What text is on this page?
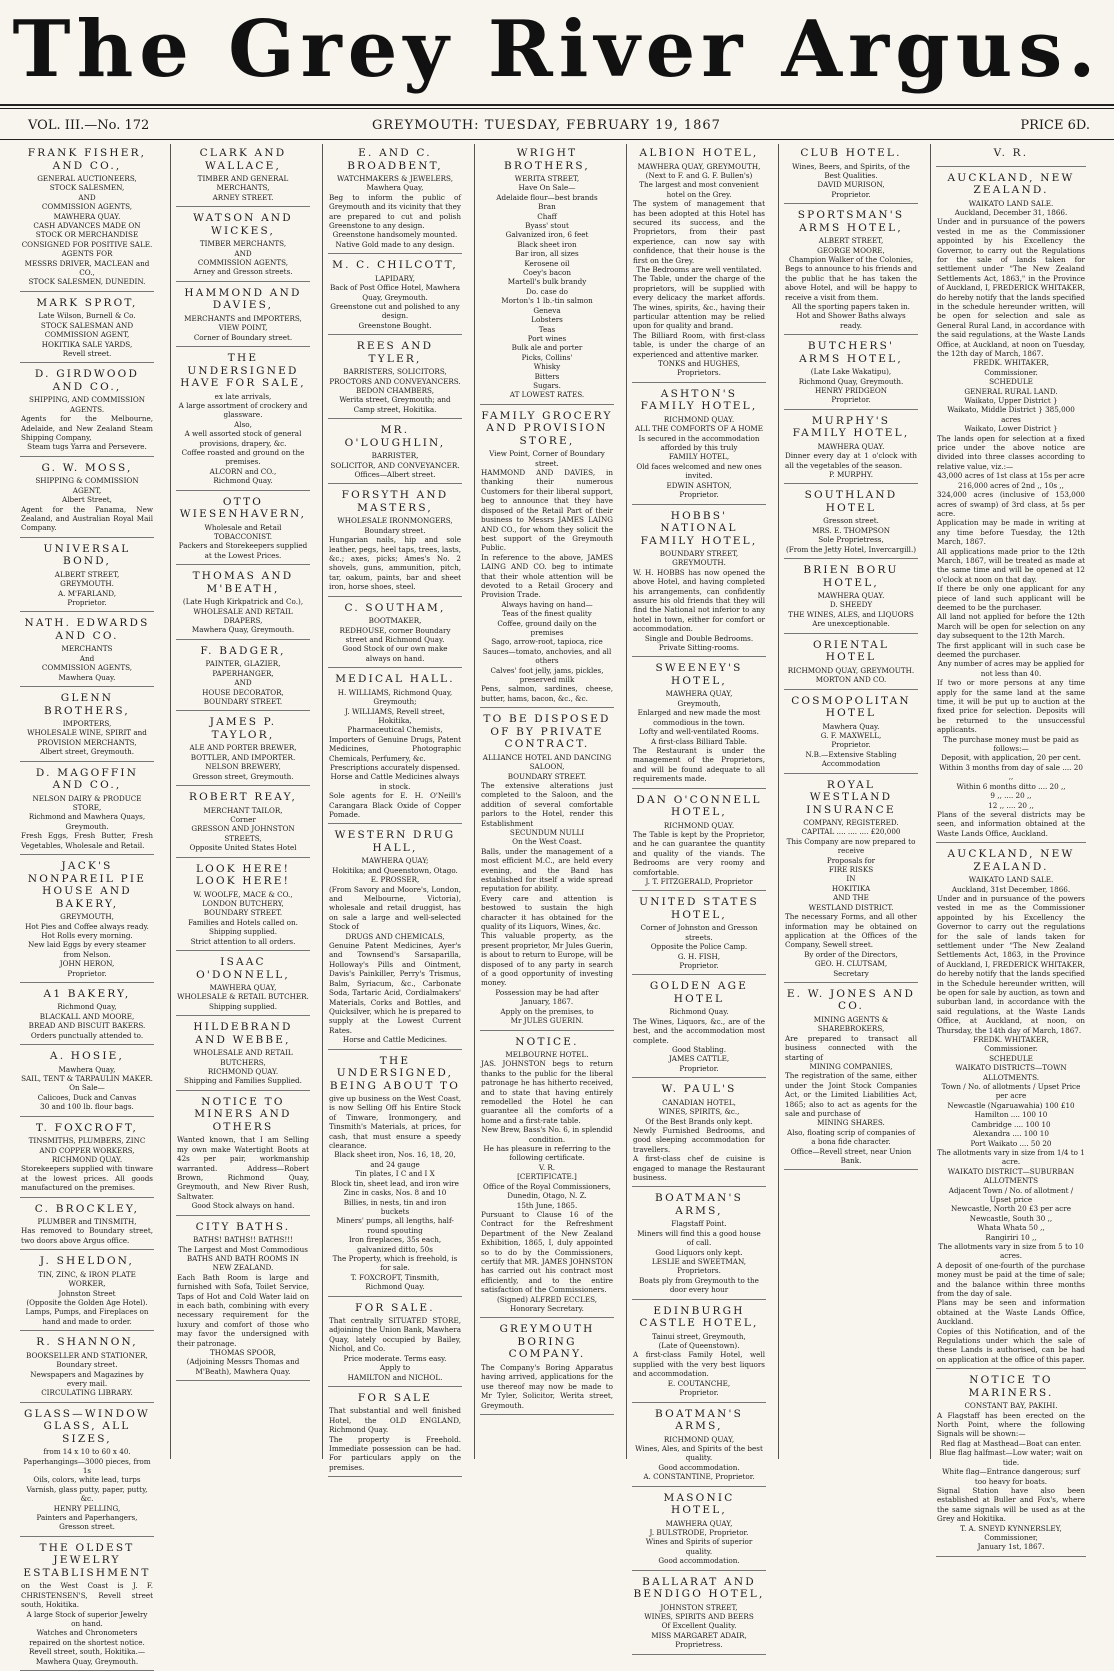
The Grey River Argus.
VOL. III.—No. 172	GREYMOUTH: TUESDAY, FEBRUARY 19, 1867	PRICE 6D.
FRANK FISHER, AND CO.,
GENERAL AUCTIONEERS,
STOCK SALESMEN,
AND
COMMISSION AGENTS,
MAWHERA QUAY.
CASH ADVANCES MADE ON
STOCK OR MERCHANDISE
CONSIGNED FOR POSITIVE SALE.
AGENTS FOR
MESSRS DRIVER, MACLEAN and CO.,
STOCK SALESMEN, DUNEDIN.
MARK SPROT,
Late Wilson, Burnell & Co.
STOCK SALESMAN AND COMMISSION AGENT,
HOKITIKA SALE YARDS,
Revell street.
D. GIRDWOOD AND CO.,
SHIPPING, AND COMMISSION AGENTS.
Agents for the Melbourne, Adelaide, and New Zealand Steam Shipping Company,
Steam tugs Yarra and Persevere.
G. W. MOSS,
SHIPPING & COMMISSION AGENT,
Albert Street,
Agent for the Panama, New Zealand, and Australian Royal Mail Company.
UNIVERSAL BOND,
ALBERT STREET,
GREYMOUTH.
A. M'FARLAND,
Proprietor.
NATH. EDWARDS AND CO.
MERCHANTS
And
COMMISSION AGENTS,
Mawhera Quay.
GLENN BROTHERS,
IMPORTERS,
WHOLESALE WINE, SPIRIT and PROVISION MERCHANTS,
Albert street, Greymouth.
D. MAGOFFIN AND CO.,
NELSON DAIRY & PRODUCE STORE,
Richmond and Mawhera Quays, Greymouth.
Fresh Eggs, Fresh Butter, Fresh Vegetables, Wholesale and Retail.
JACK'S NONPAREIL PIE HOUSE AND BAKERY,
GREYMOUTH,
Hot Pies and Coffee always ready.
Hot Rolls every morning.
New laid Eggs by every steamer from Nelson.
JOHN HERON,
Proprietor.
A1 BAKERY,
Richmond Quay,
BLACKALL AND MOORE,
BREAD AND BISCUIT BAKERS.
Orders punctually attended to.
A. HOSIE,
Mawhera Quay,
SAIL, TENT & TARPAULIN MAKER.
On Sale—
Calicoes, Duck and Canvas
30 and 100 lb. flour bags.
T. FOXCROFT,
TINSMITHS, PLUMBERS, ZINC AND COPPER WORKERS,
RICHMOND QUAY.
Storekeepers supplied with tinware at the lowest prices. All goods manufactured on the premises.
C. BROCKLEY,
PLUMBER and TINSMITH,
Has removed to Boundary street, two doors above Argus office.
J. SHELDON,
TIN, ZINC, & IRON PLATE WORKER,
Johnston Street
(Opposite the Golden Age Hotel).
Lamps, Pumps, and Fireplaces on hand and made to order.
R. SHANNON,
BOOKSELLER AND STATIONER,
Boundary street.
Newspapers and Magazines by every mail.
CIRCULATING LIBRARY.
GLASS—WINDOW GLASS, ALL SIZES,
from 14 x 10 to 60 x 40.
Paperhangings—3000 pieces, from 1s
Oils, colors, white lead, turps
Varnish, glass putty, paper, putty, &c.
HENRY PELLING,
Painters and Paperhangers, Gresson street.
THE OLDEST JEWELRY ESTABLISHMENT
on the West Coast is J. F. CHRISTENSEN'S, Revell street south, Hokitika.
A large Stock of superior Jewelry on hand.
Watches and Chronometers repaired on the shortest notice.
Revell street, south, Hokitika.—Mawhera Quay, Greymouth.
CLARK AND WALLACE,
TIMBER AND GENERAL
MERCHANTS,
ARNEY STREET.
WATSON AND WICKES,
TIMBER MERCHANTS,
AND
COMMISSION AGENTS,
Arney and Gresson streets.
HAMMOND AND DAVIES,
MERCHANTS and IMPORTERS,
VIEW POINT,
Corner of Boundary street.
THE UNDERSIGNED HAVE FOR SALE,
ex late arrivals,
A large assortment of crockery and glassware.
Also,
A well assorted stock of general provisions, drapery, &c.
Coffee roasted and ground on the premises.
ALCORN and CO.,
Richmond Quay.
OTTO WIESENHAVERN,
Wholesale and Retail
TOBACCONIST.
Packers and Storekeepers supplied at the Lowest Prices.
THOMAS AND M'BEATH,
(Late Hugh Kirkpatrick and Co.),
WHOLESALE AND RETAIL DRAPERS,
Mawhera Quay, Greymouth.
F. BADGER,
PAINTER, GLAZIER,
PAPERHANGER,
AND
HOUSE DECORATOR,
BOUNDARY STREET.
JAMES P. TAYLOR,
ALE AND PORTER BREWER,
BOTTLER, AND IMPORTER.
NELSON BREWERY,
Gresson street, Greymouth.
ROBERT REAY,
MERCHANT TAILOR,
Corner
GRESSON AND JOHNSTON STREETS,
Opposite United States Hotel
LOOK HERE! LOOK HERE!
W. WOOLFE, MACE & CO.,
LONDON BUTCHERY,
BOUNDARY STREET.
Families and Hotels called on.
Shipping supplied.
Strict attention to all orders.
ISAAC O'DONNELL,
MAWHERA QUAY,
WHOLESALE & RETAIL BUTCHER.
Shipping supplied.
HILDEBRAND AND WEBBE,
WHOLESALE AND RETAIL
BUTCHERS,
RICHMOND QUAY.
Shipping and Families Supplied.
NOTICE TO MINERS AND OTHERS
Wanted known, that I am Selling my own make Watertight Boots at 42s per pair, workmanship warranted. Address—Robert Brown, Richmond Quay, Greymouth, and New River Rush, Saltwater.
Good Stock always on hand.
CITY BATHS.
BATHS! BATHS!! BATHS!!!
The Largest and Most Commodious
BATHS AND BATH ROOMS IN NEW ZEALAND.
Each Bath Room is large and furnished with Sofa, Toilet Service, Taps of Hot and Cold Water laid on in each bath, combining with every necessary requirement for the luxury and comfort of those who may favor the undersigned with their patronage.
THOMAS SPOOR,
(Adjoining Messrs Thomas and M'Beath), Mawhera Quay.
E. AND C. BROADBENT,
WATCHMAKERS & JEWELERS,
Mawhera Quay,
Beg to inform the public of Greymouth and its vicinity that they are prepared to cut and polish Greenstone to any design.
Greenstone handsomely mounted.
Native Gold made to any design.
M. C. CHILCOTT,
LAPIDARY,
Back of Post Office Hotel, Mawhera Quay, Greymouth.
Greenstone cut and polished to any design.
Greenstone Bought.
REES AND TYLER,
BARRISTERS, SOLICITORS, PROCTORS AND CONVEYANCERS.
BEDON CHAMBERS,
Werita street, Greymouth; and Camp street, Hokitika.
MR. O'LOUGHLIN,
BARRISTER,
SOLICITOR, AND CONVEYANCER.
Offices—Albert street.
FORSYTH AND MASTERS,
WHOLESALE IRONMONGERS,
Boundary street.
Hungarian nails, hip and sole leather, pegs, heel taps, trees, lasts, &c.; axes, picks; Ames's No. 2 shovels, guns, ammunition, pitch, tar, oakum, paints, bar and sheet iron, horse shoes, steel.
C. SOUTHAM,
BOOTMAKER,
REDHOUSE, corner Boundary street and Richmond Quay.
Good Stock of our own make always on hand.
MEDICAL HALL.
H. WILLIAMS, Richmond Quay, Greymouth;
J. WILLIAMS, Revell street, Hokitika,
Pharmaceutical Chemists,
Importers of Genuine Drugs, Patent Medicines, Photographic Chemicals, Perfumery, &c.
Prescriptions accurately dispensed.
Horse and Cattle Medicines always in stock.
Sole agents for E. H. O'Neill's Carangara Black Oxide of Copper Pomade.
WESTERN DRUG HALL,
MAWHERA QUAY;
Hokitika; and Queenstown, Otago.
E. PROSSER,
(From Savory and Moore's, London, and Melbourne, Victoria), wholesale and retail druggist, has on sale a large and well-selected Stock of
DRUGS AND CHEMICALS,
Genuine Patent Medicines, Ayer's and Townsend's Sarsaparilla, Holloway's Pills and Ointment, Davis's Painkiller, Perry's Trismus, Balm, Syriacum, &c., Carbonate Soda, Tartaric Acid, Cordialmakers' Materials, Corks and Bottles, and Quicksilver, which he is prepared to supply at the Lowest Current Rates.
Horse and Cattle Medicines.
THE UNDERSIGNED, BEING ABOUT TO
give up business on the West Coast, is now Selling Off his Entire Stock of Tinware, Ironmongery, and Tinsmith's Materials, at prices, for cash, that must ensure a speedy clearance.
Black sheet iron, Nos. 16, 18, 20, and 24 gauge
Tin plates, I C and I X
Block tin, sheet lead, and iron wire
Zinc in casks, Nos. 8 and 10
Billies, in nests, tin and iron buckets
Miners' pumps, all lengths, half-round spouting
Iron fireplaces, 35s each, galvanized ditto, 50s
The Property, which is freehold, is for sale.
T. FOXCROFT, Tinsmith,
Richmond Quay.
FOR SALE.
That centrally SITUATED STORE, adjoining the Union Bank, Mawhera Quay, lately occupied by Bailey, Nichol, and Co.
Price moderate. Terms easy.
Apply to
HAMILTON and NICHOL.
FOR SALE
That substantial and well finished Hotel, the OLD ENGLAND, Richmond Quay.
The property is Freehold. Immediate possession can be had. For particulars apply on the premises.
WRIGHT BROTHERS,
WERITA STREET,
Have On Sale—
Adelaide flour—best brands
Bran
Chaff
Byass' stout
Galvanized iron, 6 feet
Black sheet iron
Bar iron, all sizes
Kerosene oil
Coey's bacon
Martell's bulk brandy
Do. case do
Morton's 1 lb.-tin salmon
Geneva
Lobsters
Teas
Port wines
Bulk ale and porter
Picks, Collins'
Whisky
Bitters
Sugars.
AT LOWEST RATES.
FAMILY GROCERY AND PROVISION STORE,
View Point, Corner of Boundary street.
HAMMOND AND DAVIES, in thanking their numerous Customers for their liberal support, beg to announce that they have disposed of the Retail Part of their business to Messrs JAMES LAING AND CO., for whom they solicit the best support of the Greymouth Public.
In reference to the above, JAMES LAING AND CO. beg to intimate that their whole attention will be devoted to a Retail Grocery and Provision Trade.
Always having on hand—
Teas of the finest quality
Coffee, ground daily on the premises
Sago, arrow-root, tapioca, rice
Sauces—tomato, anchovies, and all others
Calves' foot jelly, jams, pickles, preserved milk
Pens, salmon, sardines, cheese, butter, hams, bacon, &c., &c.
TO BE DISPOSED OF BY PRIVATE CONTRACT.
ALLIANCE HOTEL AND DANCING SALOON,
BOUNDARY STREET.
The extensive alterations just completed to the Saloon, and the addition of several comfortable parlors to the Hotel, render this Establishment
SECUNDUM NULLI
On the West Coast.
Balls, under the management of a most efficient M.C., are held every evening, and the Band has established for itself a wide spread reputation for ability.
Every care and attention is bestowed to sustain the high character it has obtained for the quality of its Liquors, Wines, &c.
This valuable property, as the present proprietor, Mr Jules Guerin, is about to return to Europe, will be disposed of to any party in search of a good opportunity of investing money.
Possession may be had after January, 1867.
Apply on the premises, to
Mr JULES GUERIN.
NOTICE.
MELBOURNE HOTEL.
JAS. JOHNSTON begs to return thanks to the public for the liberal patronage he has hitherto received, and to state that having entirely remodelled the Hotel he can guarantee all the comforts of a home and a first-rate table.
New Brew, Bass's No. 6, in splendid condition.
He has pleasure in referring to the following certificate.
V. R.
[CERTIFICATE.]
Office of the Royal Commissioners, Dunedin, Otago, N. Z.
15th June, 1865.
Pursuant to Clause 16 of the Contract for the Refreshment Department of the New Zealand Exhibition, 1865, I, duly appointed so to do by the Commissioners, certify that MR. JAMES JOHNSTON has carried out his contract most efficiently, and to the entire satisfaction of the Commissioners.
(Signed) ALFRED ECCLES,
Honorary Secretary.
GREYMOUTH BORING COMPANY.
The Company's Boring Apparatus having arrived, applications for the use thereof may now be made to Mr Tyler, Solicitor, Werita street, Greymouth.
ALBION HOTEL,
MAWHERA QUAY, GREYMOUTH,
(Next to F. and G. F. Bullen's)
The largest and most convenient hotel on the Grey.
The system of management that has been adopted at this Hotel has secured its success, and the Proprietors, from their past experience, can now say with confidence, that their house is the first on the Grey.
The Bedrooms are well ventilated.
The Table, under the charge of the proprietors, will be supplied with every delicacy the market affords. The wines, spirits, &c., having their particular attention may be relied upon for quality and brand.
The Billiard Room, with first-class table, is under the charge of an experienced and attentive marker.
TONKS and HUGHES,
Proprietors.
ASHTON'S FAMILY HOTEL,
RICHMOND QUAY.
ALL THE COMFORTS OF A HOME
Is secured in the accommodation afforded by this truly
FAMILY HOTEL,
Old faces welcomed and new ones invited.
EDWIN ASHTON,
Proprietor.
HOBBS' NATIONAL FAMILY HOTEL,
BOUNDARY STREET, GREYMOUTH.
W. H. HOBBS has now opened the above Hotel, and having completed his arrangements, can confidently assure his old friends that they will find the National not inferior to any hotel in town, either for comfort or accommodation.
Single and Double Bedrooms.
Private Sitting-rooms.
SWEENEY'S HOTEL,
MAWHERA QUAY,
Greymouth,
Enlarged and new made the most commodious in the town.
Lofty and well-ventilated Rooms.
A first-class Billiard Table.
The Restaurant is under the management of the Proprietors, and will be found adequate to all requirements made.
DAN O'CONNELL HOTEL,
RICHMOND QUAY.
The Table is kept by the Proprietor, and he can guarantee the quantity and quality of the viands. The Bedrooms are very roomy and comfortable.
J. T. FITZGERALD, Proprietor
UNITED STATES HOTEL,
Corner of Johnston and Gresson streets.
Opposite the Police Camp.
G. H. FISH,
Proprietor.
GOLDEN AGE HOTEL
Richmond Quay.
The Wines, Liquors, &c., are of the best, and the accommodation most complete.
Good Stabling.
JAMES CATTLE,
Proprietor.
W. PAUL'S
CANADIAN HOTEL,
WINES, SPIRITS, &c.,
Of the Best Brands only kept.
Newly Furnished Bedrooms, and good sleeping accommodation for travellers.
A first-class chef de cuisine is engaged to manage the Restaurant business.
BOATMAN'S ARMS,
Flagstaff Point.
Miners will find this a good house of call.
Good Liquors only kept.
LESLIE and SWEETMAN,
Proprietors.
Boats ply from Greymouth to the door every hour
EDINBURGH CASTLE HOTEL,
Tainui street, Greymouth,
(Late of Queenstown).
A first-class Family Hotel, well supplied with the very best liquors and accommodation.
E. COUTANCHE,
Proprietor.
BOATMAN'S ARMS,
RICHMOND QUAY,
Wines, Ales, and Spirits of the best quality.
Good accommodation.
A. CONSTANTINE, Proprietor.
MASONIC HOTEL,
MAWHERA QUAY,
J. BULSTRODE, Proprietor.
Wines and Spirits of superior quality.
Good accommodation.
BALLARAT AND BENDIGO HOTEL,
JOHNSTON STREET,
WINES, SPIRITS AND BEERS
Of Excellent Quality.
MISS MARGARET ADAIR,
Proprietress.
CLUB HOTEL.
Wines, Beers, and Spirits, of the Best Qualities.
DAVID MURISON,
Proprietor.
SPORTSMAN'S ARMS HOTEL,
ALBERT STREET,
GEORGE MOORE,
Champion Walker of the Colonies,
Begs to announce to his friends and the public that he has taken the above Hotel, and will be happy to receive a visit from them.
All the sporting papers taken in.
Hot and Shower Baths always ready.
BUTCHERS' ARMS HOTEL,
(Late Lake Wakatipu),
Richmond Quay, Greymouth.
HENRY PRIDGEON
Proprietor.
MURPHY'S FAMILY HOTEL,
MAWHERA QUAY.
Dinner every day at 1 o'clock with all the vegetables of the season.
P. MURPHY.
SOUTHLAND HOTEL
Gresson street.
MRS. E. THOMPSON
Sole Proprietress,
(From the Jetty Hotel, Invercargill.)
BRIEN BORU HOTEL,
MAWHERA QUAY.
D. SHEEDY
THE WINES, ALES, and LIQUORS
Are unexceptionable.
ORIENTAL HOTEL
RICHMOND QUAY, GREYMOUTH.
MORTON AND CO.
COSMOPOLITAN HOTEL
Mawhera Quay.
G. F. MAXWELL,
Proprietor.
N.B.—Extensive Stabling Accommodation
ROYAL WESTLAND INSURANCE
COMPANY, REGISTERED.
CAPITAL .... .... .... £20,000
This Company are now prepared to receive
Proposals for
FIRE RISKS
IN
HOKITIKA
AND THE
WESTLAND DISTRICT.
The necessary Forms, and all other information may be obtained on application at the Offices of the Company, Sewell street.
By order of the Directors,
GEO. H. CLUTSAM,
Secretary
E. W. JONES AND CO.
MINING AGENTS & SHAREBROKERS,
Are prepared to transact all business connected with the starting of
MINING COMPANIES,
The registration of the same, either under the Joint Stock Companies Act, or the Limited Liabilities Act, 1865; also to act as agents for the sale and purchase of
MINING SHARES.
Also, floating scrip of companies of a bona fide character.
Office—Revell street, near Union Bank.
V. R.
AUCKLAND, NEW ZEALAND.
WAIKATO LAND SALE.
Auckland, December 31, 1866.
Under and in pursuance of the powers vested in me as the Commissioner appointed by his Excellency the Governor, to carry out the Regulations for the sale of lands taken for settlement under "The New Zealand Settlements Act, 1863," in the Province of Auckland, I, FREDERICK WHITAKER, do hereby notify that the lands specified in the schedule hereunder written, will be open for selection and sale as General Rural Land, in accordance with the said regulations, at the Waste Lands Office, at Auckland, at noon on Tuesday, the 12th day of March, 1867.
FREDK. WHITAKER,
Commissioner.
SCHEDULE
GENERAL RURAL LAND.
Waikato, Upper District }
Waikato, Middle District } 385,000 acres
Waikato, Lower District }
The lands open for selection at a fixed price under the above notice are divided into three classes according to relative value, viz.:—
43,000 acres of 1st class at 15s per acre
216,000 acres of 2nd ,, 10s ,,
324,000 acres (inclusive of 153,000 acres of swamp) of 3rd class, at 5s per acre.
Application may be made in writing at any time before Tuesday, the 12th March, 1867.
All applications made prior to the 12th March, 1867, will be treated as made at the same time and will be opened at 12 o'clock at noon on that day.
If there be only one applicant for any piece of land such applicant will be deemed to be the purchaser.
All land not applied for before the 12th March will be open for selection on any day subsequent to the 12th March.
The first applicant will in such case be deemed the purchaser.
Any number of acres may be applied for not less than 40.
If two or more persons at any time apply for the same land at the same time, it will be put up to auction at the fixed price for selection. Deposits will be returned to the unsuccessful applicants.
The purchase money must be paid as follows:—
Deposit, with application, 20 per cent.
Within 3 months from day of sale .... 20 ,,
Within 6 months ditto .... 20 ,,
9 ,, .... 20 ,,
12 ,, .... 20 ,,
Plans of the several districts may be seen, and information obtained at the Waste Lands Office, Auckland.
AUCKLAND, NEW ZEALAND.
WAIKATO LAND SALE.
Auckland, 31st December, 1866.
Under and in pursuance of the powers vested in me as the Commissioner appointed by his Excellency the Governor to carry out the regulations for the sale of lands taken for settlement under "The New Zealand Settlements Act, 1863, in the Province of Auckland, I, FREDERICK WHITAKER, do hereby notify that the lands specified in the Schedule hereunder written, will be open for sale by auction, as town and suburban land, in accordance with the said regulations, at the Waste Lands Office, at Auckland, at noon, on Thursday, the 14th day of March, 1867.
FREDK. WHITAKER,
Commissioner.
SCHEDULE
WAIKATO DISTRICTS—TOWN ALLOTMENTS.
Town / No. of allotments / Upset Price per acre
Newcastle (Ngaruawahia) 100 £10
Hamilton .... 100 10
Cambridge .... 100 10
Alexandra .... 100 10
Port Waikato .... 50 20
The allotments vary in size from 1/4 to 1 acre.
WAIKATO DISTRICT—SUBURBAN ALLOTMENTS
Adjacent Town / No. of allotment / Upset price
Newcastle, North 20 £3 per acre
Newcastle, South 30 ,,
Whata Whata 50 ,,
Rangiriri 10 ,,
The allotments vary in size from 5 to 10 acres.
A deposit of one-fourth of the purchase money must be paid at the time of sale; and the balance within three months from the day of sale.
Plans may be seen and information obtained at the Waste Lands Office, Auckland.
Copies of this Notification, and of the Regulations under which the sale of these Lands is authorised, can be had on application at the office of this paper.
NOTICE TO MARINERS.
CONSTANT BAY, PAKIHI.
A Flagstaff has been erected on the North Point, where the following Signals will be shown:—
Red flag at Masthead—Boat can enter.
Blue flag halfmast—Low water; wait on tide.
White flag—Entrance dangerous; surf too heavy for boats.
Signal Station have also been established at Buller and Fox's, where the same signals will be used as at the Grey and Hokitika.
T. A. SNEYD KYNNERSLEY,
Commissioner,
January 1st, 1867.
